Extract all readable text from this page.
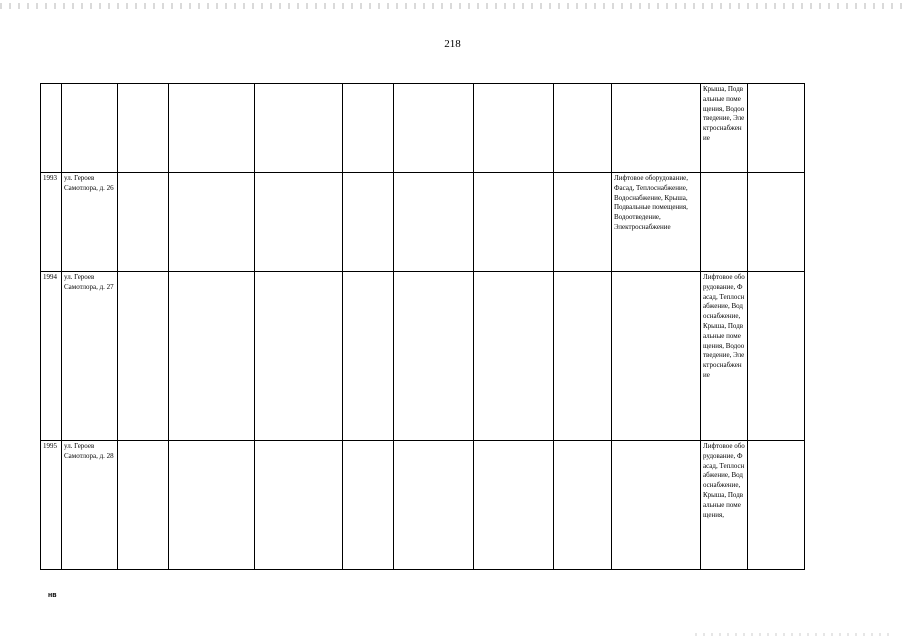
218
										Крыша, Подвальные помещения, Водоотведение, Электроснабжение	
1993	ул. Героев Самотлора, д. 26								Лифтовое оборудование, Фасад, Теплоснабжение, Водоснабжение, Крыша, Подвальные помещения, Водоотведение, Электроснабжение		
1994	ул. Героев Самотлора, д. 27									Лифтовое оборудование, Фасад, Теплоснабжение, Водоснабжение, Крыша, Подвальные помещения, Водоотведение, Электроснабжение	
1995	ул. Героев Самотлора, д. 28									Лифтовое оборудование, Фасад, Теплоснабжение, Водоснабжение, Крыша, Подвальные помещения,	
нв
